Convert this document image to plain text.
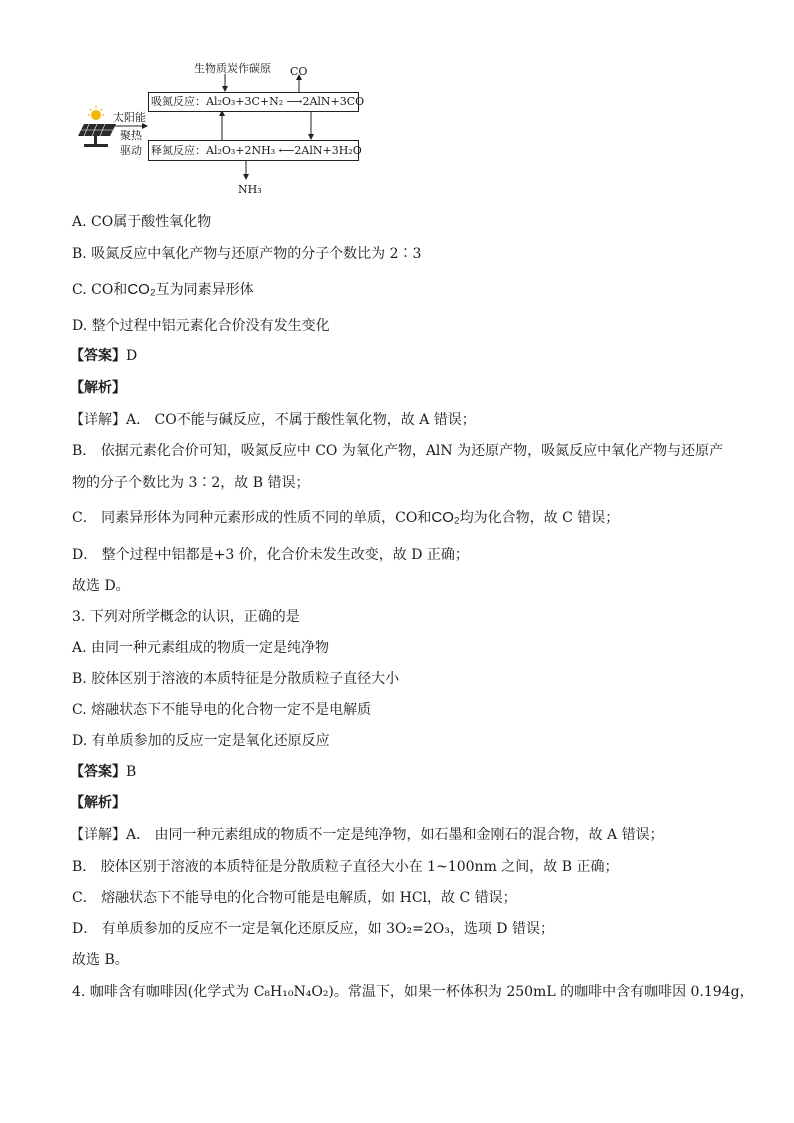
生物质炭作碳原 CO
太阳能
聚热
驱动
吸氮反应：Al₂O₃+3C+N₂ ⟶2AlN+3CO
释氮反应：Al₂O₃+2NH₃ ⟵2AlN+3H₂O
NH₃
A. CO属于酸性氧化物
B. 吸氮反应中氧化产物与还原产物的分子个数比为 2∶3
C. CO和CO₂互为同素异形体
D. 整个过程中铝元素化合价没有发生变化
【答案】D
【解析】
【详解】A． CO不能与碱反应，不属于酸性氧化物，故 A 错误；
B． 依据元素化合价可知，吸氮反应中 CO 为氧化产物，AlN 为还原产物，吸氮反应中氧化产物与还原产
物的分子个数比为 3∶2，故 B 错误；
C． 同素异形体为同种元素形成的性质不同的单质，CO和CO₂均为化合物，故 C 错误；
D． 整个过程中铝都是+3 价，化合价未发生改变，故 D 正确；
故选 D。
3. 下列对所学概念的认识，正确的是
A. 由同一种元素组成的物质一定是纯净物
B. 胶体区别于溶液的本质特征是分散质粒子直径大小
C. 熔融状态下不能导电的化合物一定不是电解质
D. 有单质参加的反应一定是氧化还原反应
【答案】B
【解析】
【详解】A． 由同一种元素组成的物质不一定是纯净物，如石墨和金刚石的混合物，故 A 错误；
B． 胶体区别于溶液的本质特征是分散质粒子直径大小在 1~100nm 之间，故 B 正确；
C． 熔融状态下不能导电的化合物可能是电解质，如 HCl，故 C 错误；
D． 有单质参加的反应不一定是氧化还原反应，如 3O₂=2O₃，选项 D 错误；
故选 B。
4. 咖啡含有咖啡因(化学式为 C₈H₁₀N₄O₂)。常温下，如果一杯体积为 250mL 的咖啡中含有咖啡因 0.194g，
